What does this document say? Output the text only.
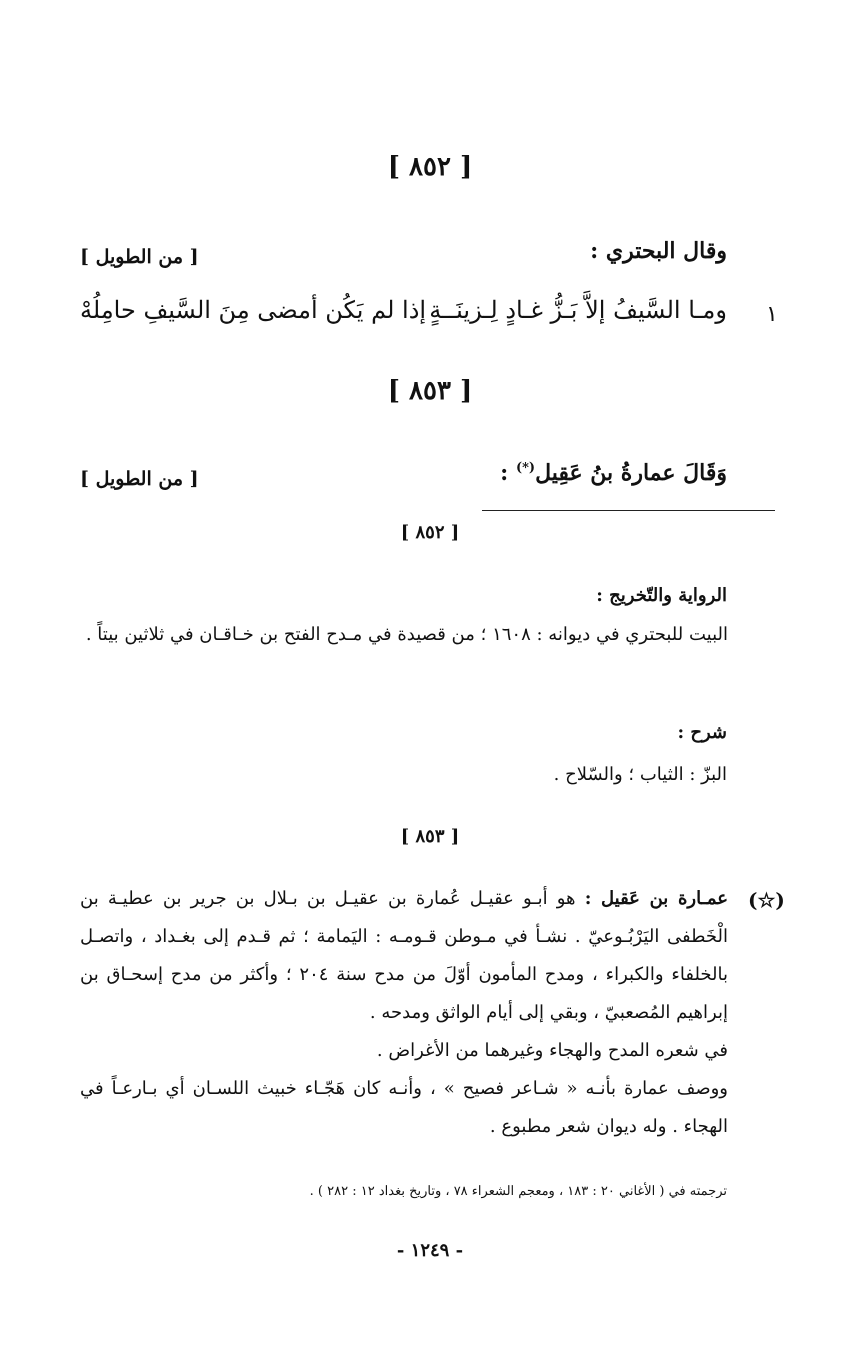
[ ٨٥٢ ]
وقال البحتري :
[ من الطويل ]
١
ومـا السَّيفُ إلاَّ بَـزُّ غـادٍ لِـزينَــةٍ
إذا لم يَكُن أمضى مِنَ السَّيفِ حامِلُهْ
[ ٨٥٣ ]
وَقَالَ عمارةُ بنُ عَقِيل(*) :
[ من الطويل ]
[ ٨٥٢ ]
الرواية والتّخريج :
البيت للبحتري في ديوانه : ١٦٠٨ ؛ من قصيدة في مـدح الفتح بن خـاقـان في ثلاثين بيتاً .
شرح :
البزّ : الثياب ؛ والسّلاح .
[ ٨٥٣ ]
(☆)
عمـارة بن عَقيل : هو أبـو عقيـل عُمارة بن عقيـل بن بـلال بن جرير بن عطيـة بن الْخَطفى اليَرْبُـوعيّ . نشـأ في مـوطن قـومـه : اليَمامة ؛ ثم قـدم إلى بغـداد ، واتصـل بالخلفاء والكبراء ، ومدح المأمون أوّلَ من مدح سنة ٢٠٤ ؛ وأكثر من مدح إسحـاق بن إبراهيم المُصعبيّ ، وبقي إلى أيام الواثق ومدحه .
في شعره المدح والهجاء وغيرهما من الأغراض .
ووصف عمارة بأنـه « شـاعر فصيح » ، وأنـه كان هَجّـاء خبيث اللسـان أي بـارعـاً في الهجاء . وله ديوان شعر مطبوع .
ترجمته في ( الأغاني ٢٠ : ١٨٣ ، ومعجم الشعراء ٧٨ ، وتاريخ بغداد ١٢ : ٢٨٢ ) .
- ١٢٤٩ -
